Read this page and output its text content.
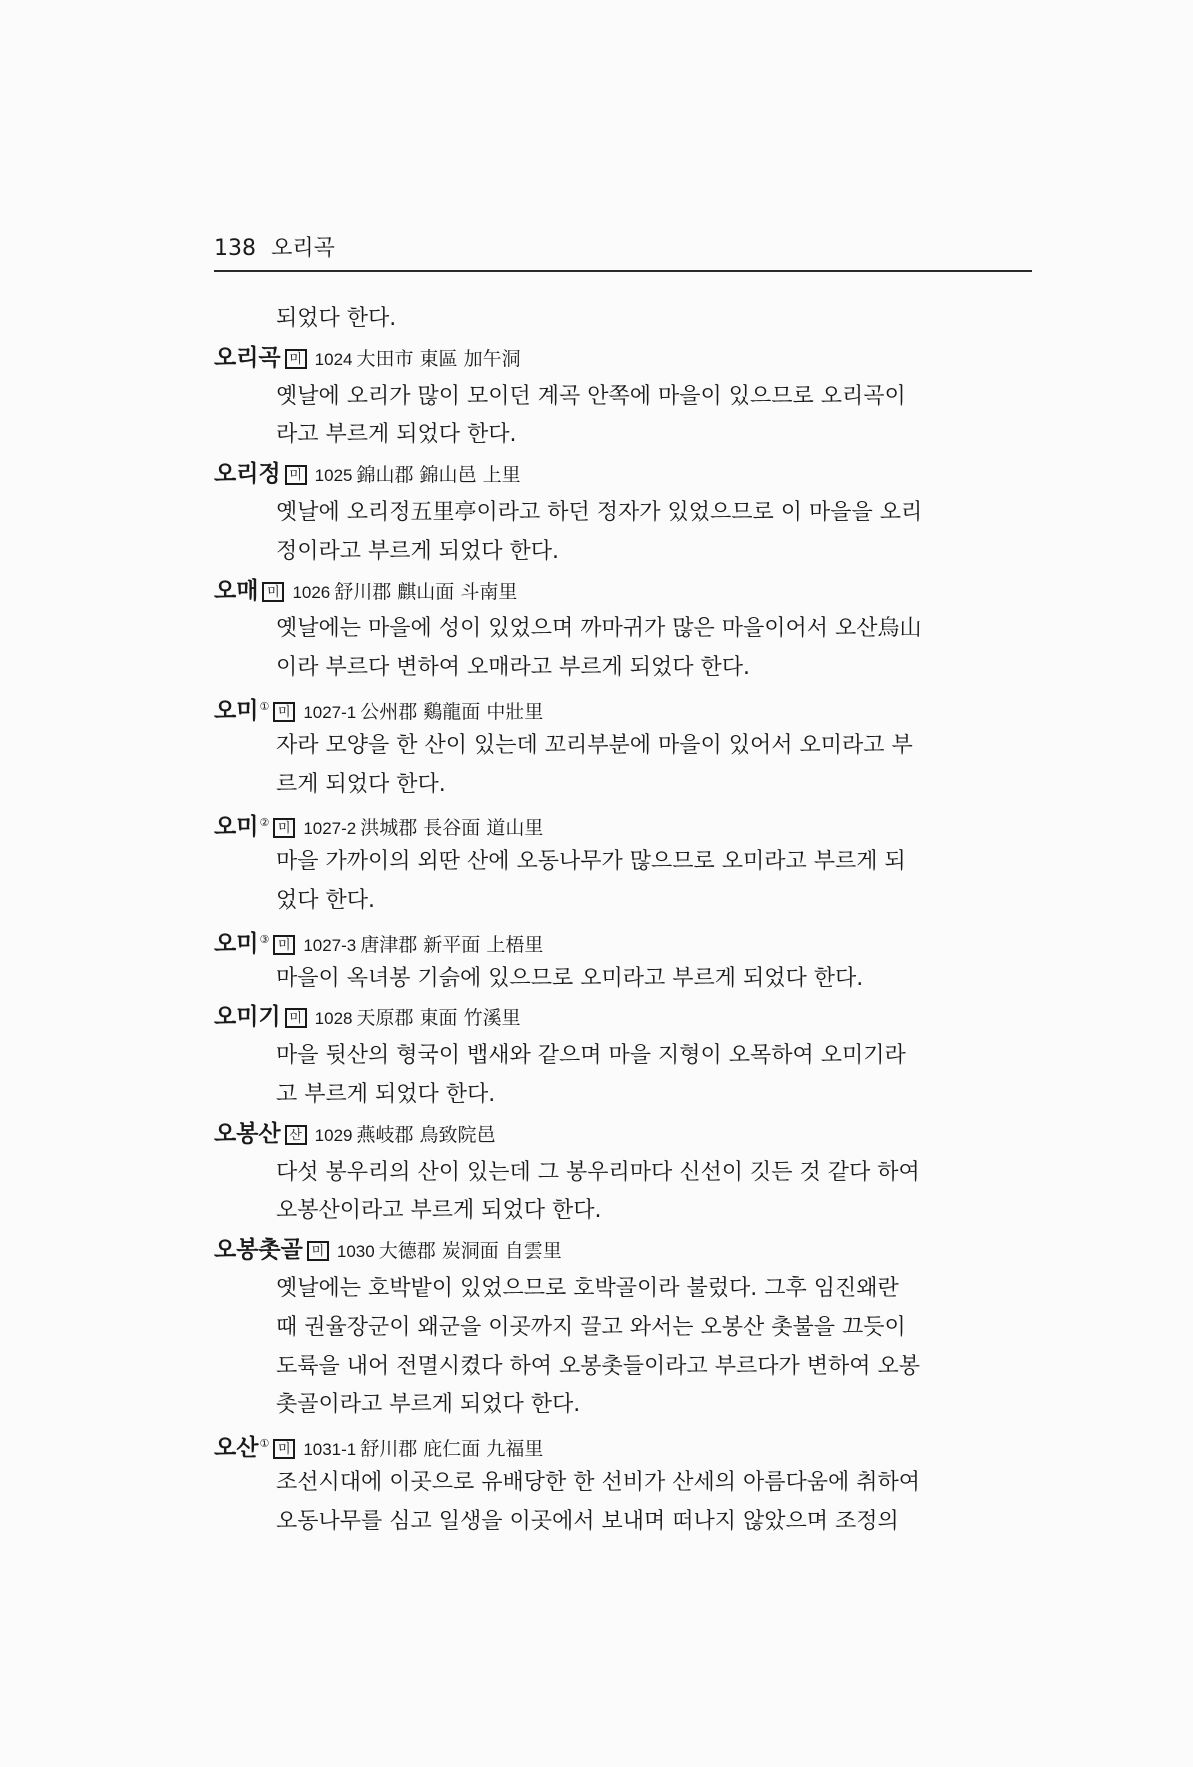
138 오리곡
되었다 한다.
오리곡 미 1024 大田市 東區 加午洞
옛날에 오리가 많이 모이던 계곡 안쪽에 마을이 있으므로 오리곡이
라고 부르게 되었다 한다.
오리정 미 1025 錦山郡 錦山邑 上里
옛날에 오리정五里亭이라고 하던 정자가 있었으므로 이 마을을 오리
정이라고 부르게 되었다 한다.
오매 미 1026 舒川郡 麒山面 斗南里
옛날에는 마을에 성이 있었으며 까마귀가 많은 마을이어서 오산烏山
이라 부르다 변하여 오매라고 부르게 되었다 한다.
오미① 미 1027-1 公州郡 鷄龍面 中壯里
자라 모양을 한 산이 있는데 꼬리부분에 마을이 있어서 오미라고 부
르게 되었다 한다.
오미② 미 1027-2 洪城郡 長谷面 道山里
마을 가까이의 외딴 산에 오동나무가 많으므로 오미라고 부르게 되
었다 한다.
오미③ 미 1027-3 唐津郡 新平面 上梧里
마을이 옥녀봉 기슭에 있으므로 오미라고 부르게 되었다 한다.
오미기 미 1028 天原郡 東面 竹溪里
마을 뒷산의 형국이 뱁새와 같으며 마을 지형이 오목하여 오미기라
고 부르게 되었다 한다.
오봉산 산 1029 燕岐郡 鳥致院邑
다섯 봉우리의 산이 있는데 그 봉우리마다 신선이 깃든 것 같다 하여
오봉산이라고 부르게 되었다 한다.
오봉촛골 미 1030 大德郡 炭洞面 自雲里
옛날에는 호박밭이 있었으므로 호박골이라 불렀다. 그후 임진왜란
때 권율장군이 왜군을 이곳까지 끌고 와서는 오봉산 촛불을 끄듯이
도륙을 내어 전멸시켰다 하여 오봉촛들이라고 부르다가 변하여 오봉
촛골이라고 부르게 되었다 한다.
오산① 미 1031-1 舒川郡 庇仁面 九福里
조선시대에 이곳으로 유배당한 한 선비가 산세의 아름다움에 취하여
오동나무를 심고 일생을 이곳에서 보내며 떠나지 않았으며 조정의
